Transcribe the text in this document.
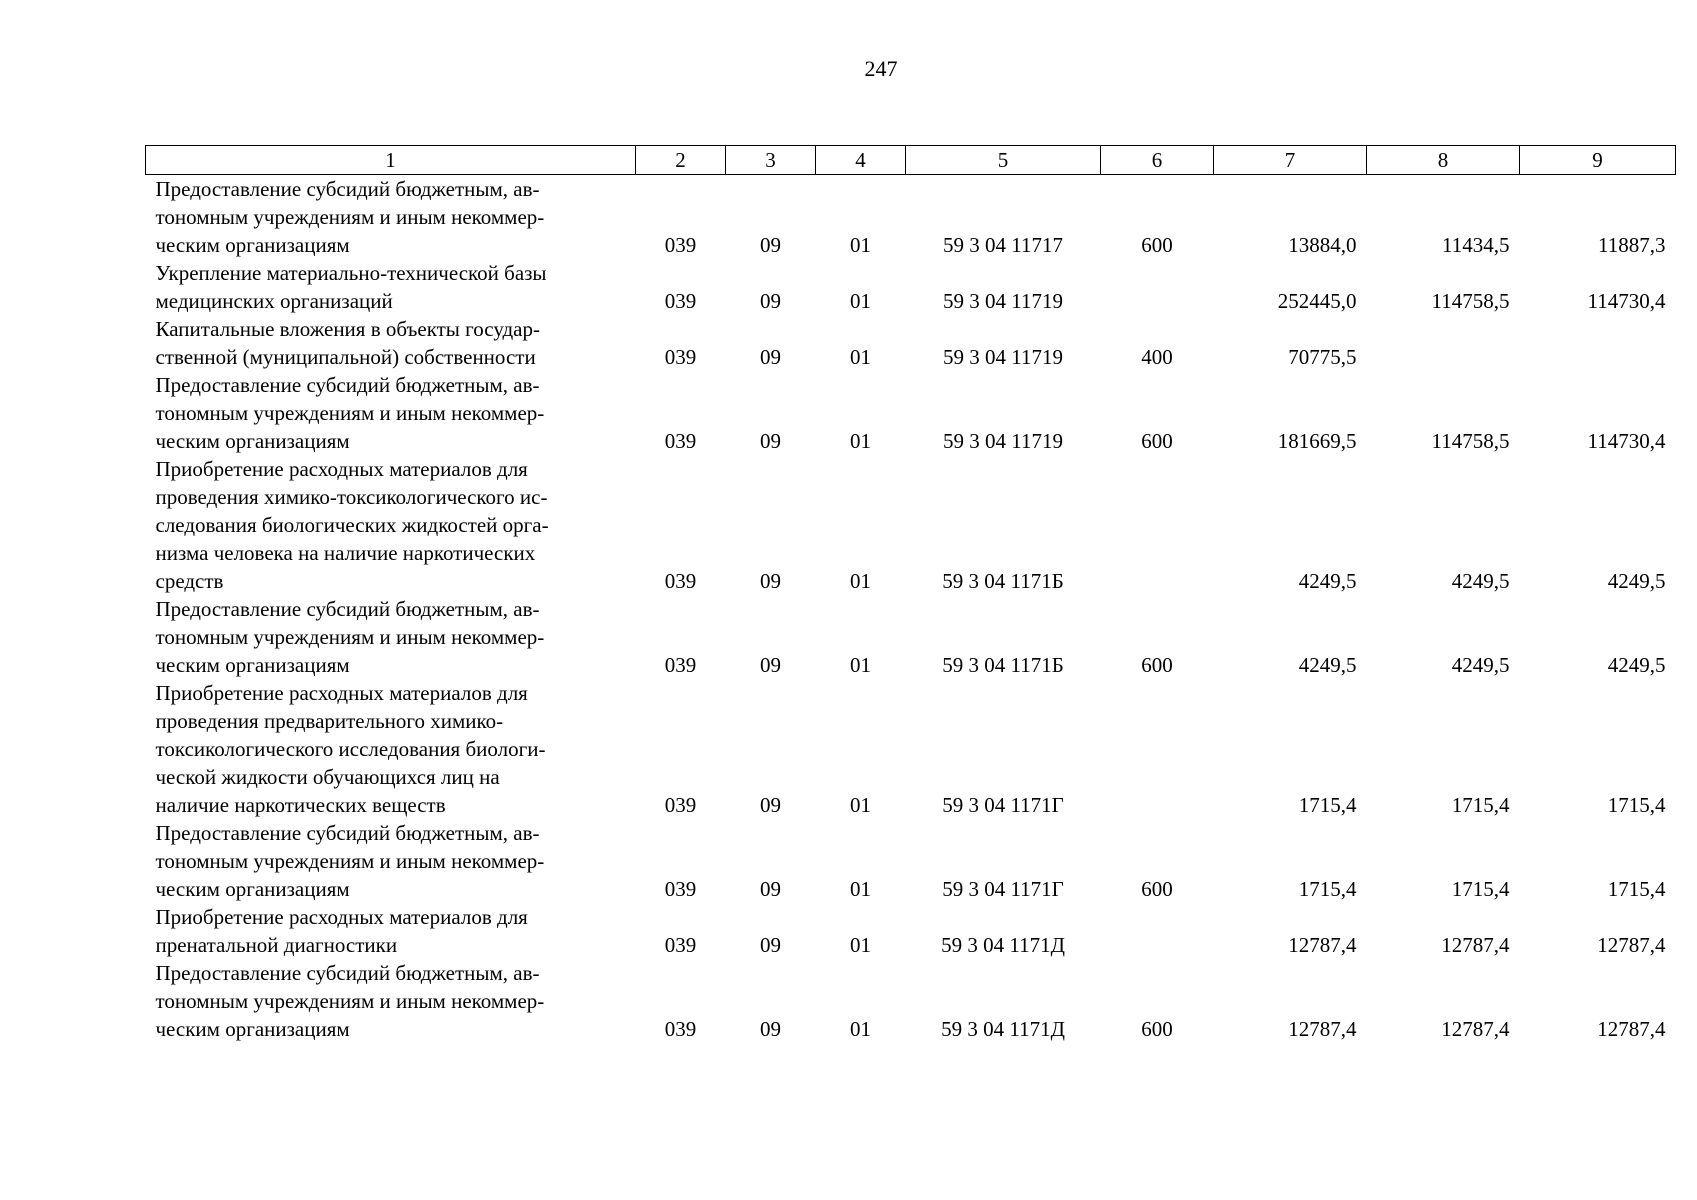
247
1	2	3	4	5	6	7	8	9
Предоставление субсидий бюджетным, ав-
тономным учреждениям и иным некоммер-
ческим организациям	039	09	01	59 3 04 11717	600	13884,0	11434,5	11887,3
Укрепление материально-технической базы
медицинских организаций	039	09	01	59 3 04 11719		252445,0	114758,5	114730,4
Капитальные вложения в объекты государ-
ственной (муниципальной) собственности	039	09	01	59 3 04 11719	400	70775,5		
Предоставление субсидий бюджетным, ав-
тономным учреждениям и иным некоммер-
ческим организациям	039	09	01	59 3 04 11719	600	181669,5	114758,5	114730,4
Приобретение расходных материалов для
проведения химико-токсикологического ис-
следования биологических жидкостей орга-
низма человека на наличие наркотических
средств	039	09	01	59 3 04 1171Б		4249,5	4249,5	4249,5
Предоставление субсидий бюджетным, ав-
тономным учреждениям и иным некоммер-
ческим организациям	039	09	01	59 3 04 1171Б	600	4249,5	4249,5	4249,5
Приобретение расходных материалов для
проведения предварительного химико-
токсикологического исследования биологи-
ческой жидкости обучающихся лиц на
наличие наркотических веществ	039	09	01	59 3 04 1171Г		1715,4	1715,4	1715,4
Предоставление субсидий бюджетным, ав-
тономным учреждениям и иным некоммер-
ческим организациям	039	09	01	59 3 04 1171Г	600	1715,4	1715,4	1715,4
Приобретение расходных материалов для
пренатальной диагностики	039	09	01	59 3 04 1171Д		12787,4	12787,4	12787,4
Предоставление субсидий бюджетным, ав-
тономным учреждениям и иным некоммер-
ческим организациям	039	09	01	59 3 04 1171Д	600	12787,4	12787,4	12787,4
